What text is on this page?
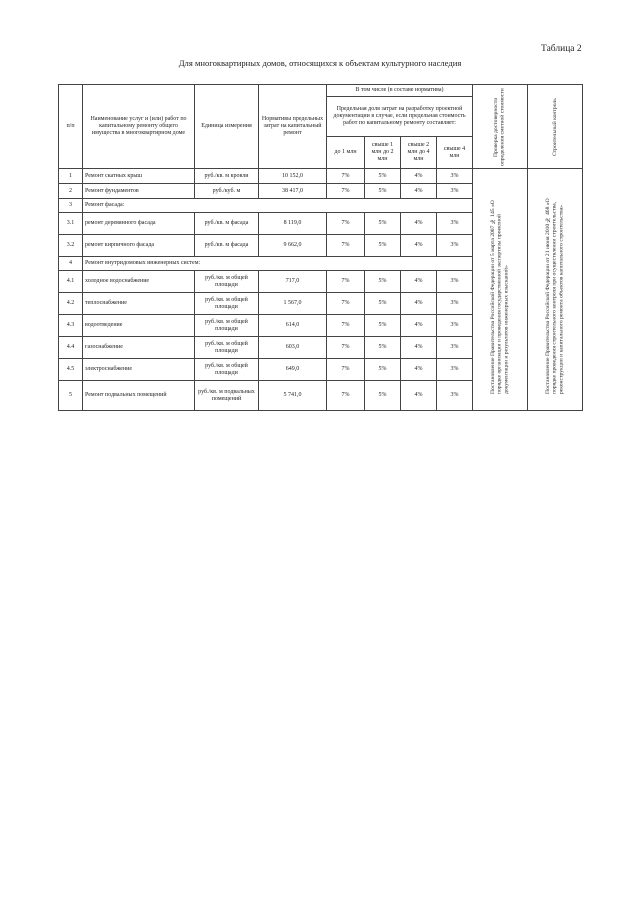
Таблица 2
Для многоквартирных домов, относящихся к объектам культурного наследия
п/п	Наименование услуг и (или) работ по капитальному ремонту общего имущества в многоквартирном доме	Единица измерения	Нормативы предельных затрат на капитальный ремонт	В том числе (в составе норматива)				Проверка достоверности определения сметной стоимости	Строительный контроль

				Предельная доля затрат на разработку проектной документации в случае, если предельная стоимость работ по капитальному ремонту составляет:					
				до 1 млн	свыше 1 млн до 2 млн	свыше 2 млн до 4 млн	свыше 4 млн		
1	Ремонт скатных крыш	руб./кв. м кровли	10 152,0	7%	5%	4%	3%	Постановление Правительства Российской Федерации от 5 марта 2007 № 145 «О порядке организации и проведения государственной экспертизы проектной документации и результатов инженерных изысканий»	Постановление Правительства Российской Федерации от 21 июня 2010 № 468 «О порядке проведения строительного контроля при осуществлении строительства, реконструкции и капитального ремонта объектов капитального строительства»

2	Ремонт фундаментов	руб./куб. м	38 417,0	7%	5%	4%	3%		
3	Ремонт фасада:								
3.1	ремонт деревянного фасада	руб./кв. м фасада	8 119,0	7%	5%	4%	3%		
3.2	ремонт кирпичного фасада	руб./кв. м фасада	9 662,0	7%	5%	4%	3%		
4	Ремонт внутридомовых инженерных систем:								
4.1	холодное водоснабжение	руб./кв. м общей площади	717,0	7%	5%	4%	3%		
4.2	теплоснабжение	руб./кв. м общей площади	1 567,0	7%	5%	4%	3%		
4.3	водоотведение	руб./кв. м общей площади	614,0	7%	5%	4%	3%		
4.4	газоснабжение	руб./кв. м общей площади	603,0	7%	5%	4%	3%		
4.5	электроснабжение	руб./кв. м общей площади	649,0	7%	5%	4%	3%		
5	Ремонт подвальных помещений	руб./кв. м подвальных помещений	5 741,0	7%	5%	4%	3%		
